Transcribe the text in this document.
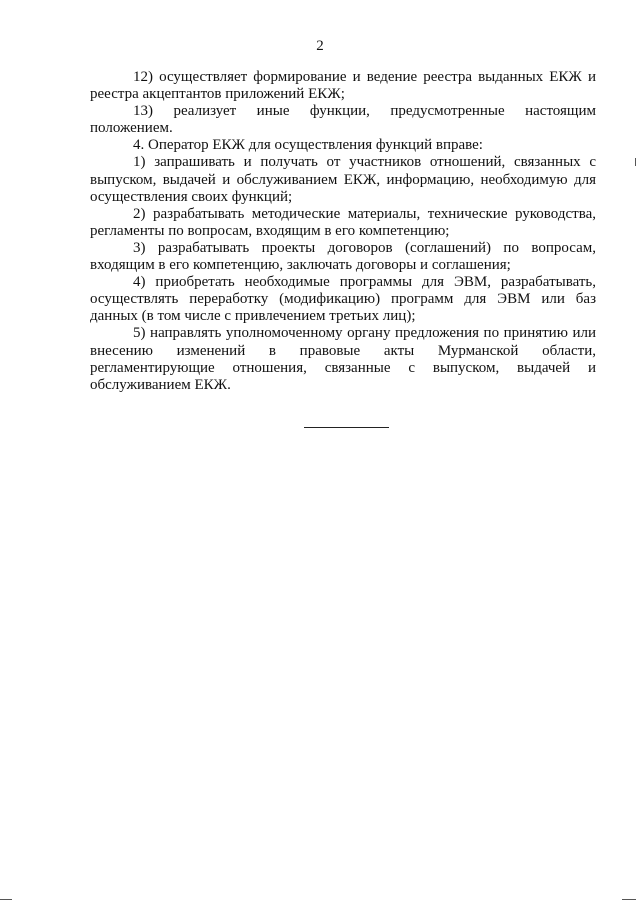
2

12) осуществляет формирование и ведение реестра выданных ЕКЖ и реестра акцептантов приложений ЕКЖ;

13) реализует иные функции, предусмотренные настоящим положением.

4. Оператор ЕКЖ для осуществления функций вправе:

1) запрашивать и получать от участников отношений, связанных с выпуском, выдачей и обслуживанием ЕКЖ, информацию, необходимую для осуществления своих функций;

2) разрабатывать методические материалы, технические руководства, регламенты по вопросам, входящим в его компетенцию;

3) разрабатывать проекты договоров (соглашений) по вопросам, входящим в его компетенцию, заключать договоры и соглашения;

4) приобретать необходимые программы для ЭВМ, разрабатывать, осуществлять переработку (модификацию) программ для ЭВМ или баз данных (в том числе с привлечением третьих лиц);

5) направлять уполномоченному органу предложения по принятию или внесению изменений в правовые акты Мурманской области, регламентирующие отношения, связанные с выпуском, выдачей и обслуживанием ЕКЖ.
